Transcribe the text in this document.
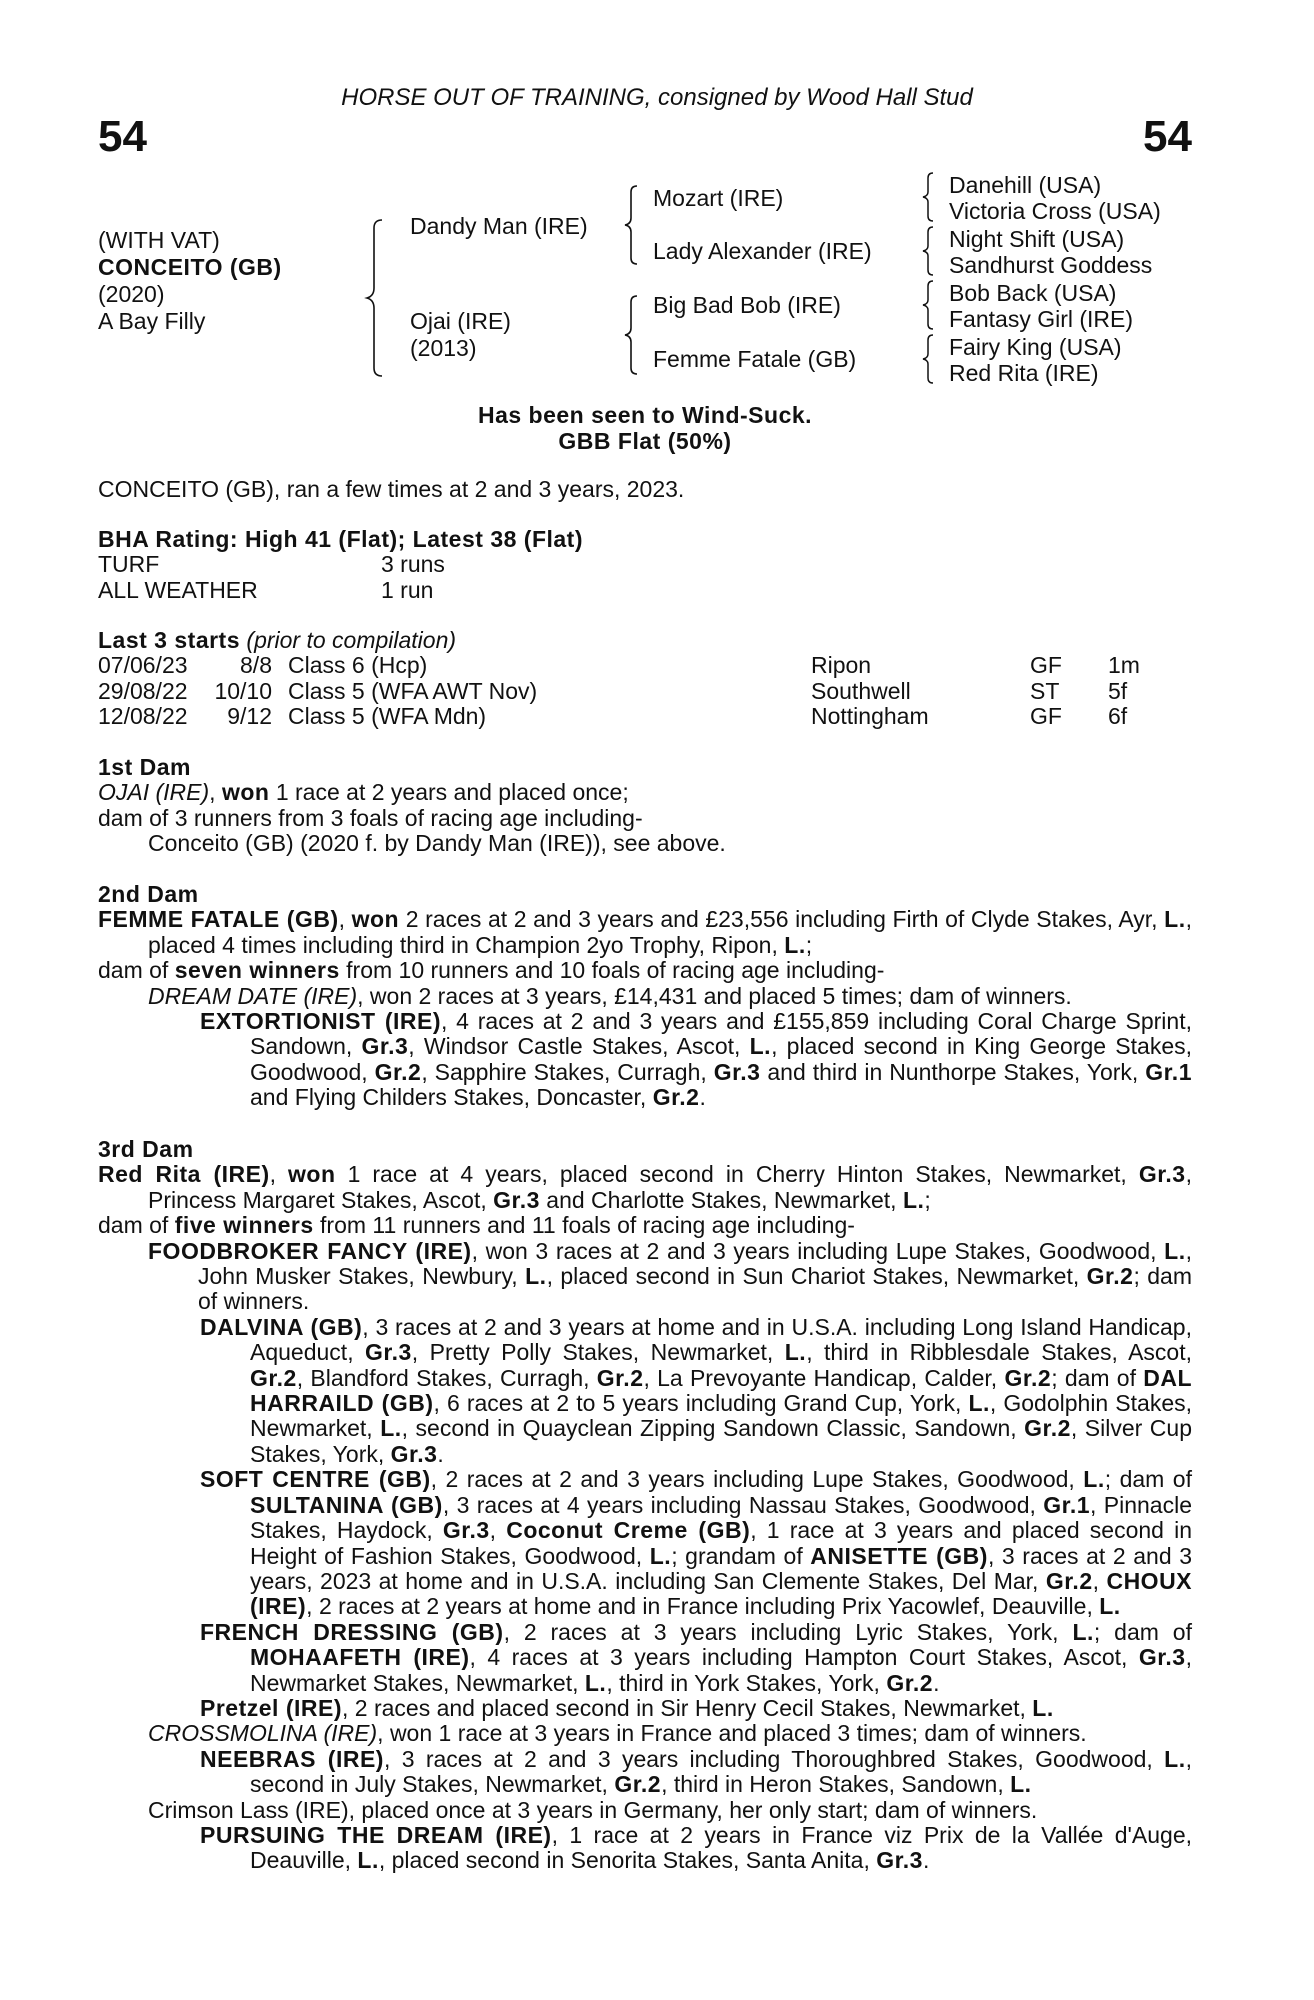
HORSE OUT OF TRAINING, consigned by Wood Hall Stud
54	54
(WITH VAT)
CONCEITO (GB)
(2020)
A Bay Filly
Dandy Man (IRE)
Ojai (IRE)
(2013)
Mozart (IRE)
Lady Alexander (IRE)
Big Bad Bob (IRE)
Femme Fatale (GB)
Danehill (USA)
Victoria Cross (USA)
Night Shift (USA)
Sandhurst Goddess
Bob Back (USA)
Fantasy Girl (IRE)
Fairy King (USA)
Red Rita (IRE)
Has been seen to Wind-Suck.
GBB Flat (50%)
CONCEITO (GB), ran a few times at 2 and 3 years, 2023.

BHA Rating: High 41 (Flat); Latest 38 (Flat)

TURF	3 runs
ALL WEATHER	1 run

Last 3 starts (prior to compilation)

07/06/23	8/8 Class 6 (Hcp)	Ripon	GF 1m
29/08/22	10/10 Class 5 (WFA AWT Nov)	Southwell	ST 5f
12/08/22	9/12 Class 5 (WFA Mdn)	Nottingham	GF 6f

1st Dam

OJAI (IRE), won 1 race at 2 years and placed once;

dam of 3 runners from 3 foals of racing age including-

Conceito (GB) (2020 f. by Dandy Man (IRE)), see above.

2nd Dam

FEMME FATALE (GB), won 2 races at 2 and 3 years and £23,556 including Firth of Clyde Stakes, Ayr, L., placed 4 times including third in Champion 2yo Trophy, Ripon, L.;

dam of seven winners from 10 runners and 10 foals of racing age including-

DREAM DATE (IRE), won 2 races at 3 years, £14,431 and placed 5 times; dam of winners.

EXTORTIONIST (IRE), 4 races at 2 and 3 years and £155,859 including Coral Charge Sprint, Sandown, Gr.3, Windsor Castle Stakes, Ascot, L., placed second in King George Stakes, Goodwood, Gr.2, Sapphire Stakes, Curragh, Gr.3 and third in Nunthorpe Stakes, York, Gr.1 and Flying Childers Stakes, Doncaster, Gr.2.

3rd Dam

Red Rita (IRE), won 1 race at 4 years, placed second in Cherry Hinton Stakes, Newmarket, Gr.3, Princess Margaret Stakes, Ascot, Gr.3 and Charlotte Stakes, Newmarket, L.;

dam of five winners from 11 runners and 11 foals of racing age including-

FOODBROKER FANCY (IRE), won 3 races at 2 and 3 years including Lupe Stakes, Goodwood, L., John Musker Stakes, Newbury, L., placed second in Sun Chariot Stakes, Newmarket, Gr.2; dam of winners.

DALVINA (GB), 3 races at 2 and 3 years at home and in U.S.A. including Long Island Handicap, Aqueduct, Gr.3, Pretty Polly Stakes, Newmarket, L., third in Ribblesdale Stakes, Ascot, Gr.2, Blandford Stakes, Curragh, Gr.2, La Prevoyante Handicap, Calder, Gr.2; dam of DAL HARRAILD (GB), 6 races at 2 to 5 years including Grand Cup, York, L., Godolphin Stakes, Newmarket, L., second in Quayclean Zipping Sandown Classic, Sandown, Gr.2, Silver Cup Stakes, York, Gr.3.

SOFT CENTRE (GB), 2 races at 2 and 3 years including Lupe Stakes, Goodwood, L.; dam of SULTANINA (GB), 3 races at 4 years including Nassau Stakes, Goodwood, Gr.1, Pinnacle Stakes, Haydock, Gr.3, Coconut Creme (GB), 1 race at 3 years and placed second in Height of Fashion Stakes, Goodwood, L.; grandam of ANISETTE (GB), 3 races at 2 and 3 years, 2023 at home and in U.S.A. including San Clemente Stakes, Del Mar, Gr.2, CHOUX (IRE), 2 races at 2 years at home and in France including Prix Yacowlef, Deauville, L.

FRENCH DRESSING (GB), 2 races at 3 years including Lyric Stakes, York, L.; dam of MOHAAFETH (IRE), 4 races at 3 years including Hampton Court Stakes, Ascot, Gr.3, Newmarket Stakes, Newmarket, L., third in York Stakes, York, Gr.2.

Pretzel (IRE), 2 races and placed second in Sir Henry Cecil Stakes, Newmarket, L.

CROSSMOLINA (IRE), won 1 race at 3 years in France and placed 3 times; dam of winners.

NEEBRAS (IRE), 3 races at 2 and 3 years including Thoroughbred Stakes, Goodwood, L., second in July Stakes, Newmarket, Gr.2, third in Heron Stakes, Sandown, L.

Crimson Lass (IRE), placed once at 3 years in Germany, her only start; dam of winners.

PURSUING THE DREAM (IRE), 1 race at 2 years in France viz Prix de la Vallée d'Auge, Deauville, L., placed second in Senorita Stakes, Santa Anita, Gr.3.
